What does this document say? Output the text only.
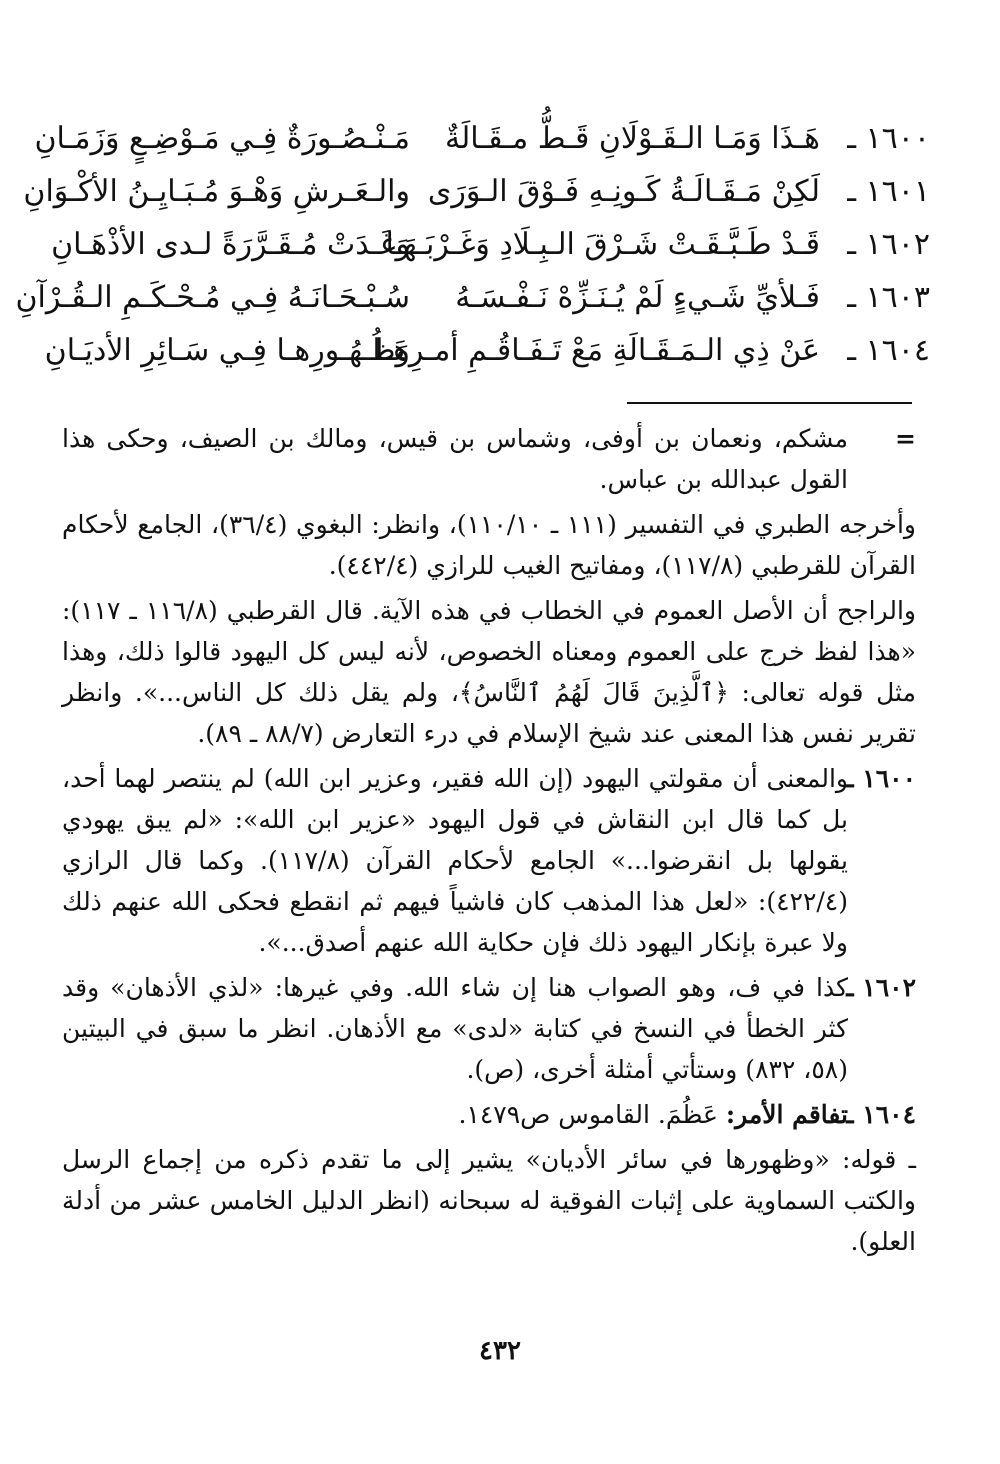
١٦٠٠ ـ
هَـذَا وَمَـا الـقَـوْلَانِ قَـطُّ مـقَـالَةٌ
مَـنْـصُـورَةٌ فِـي مَـوْضِـعٍ وَزَمَـانِ
١٦٠١ ـ
لَكِنْ مَـقَـالَـةُ كَـونِـهِ فَـوْقَ الـوَرَى
والـعَـرشِ وَهْـوَ مُـبَـايِـنُ الأكْـوَانِ
١٦٠٢ ـ
قَـدْ طَـبَّـقَـتْ شَـرْقَ الـبِـلَادِ وَغَـرْبَـهَـا
وَغَـدَتْ مُـقَـرَّرَةً لـدى الأذْهَـانِ
١٦٠٣ ـ
فَـلأيِّ شَـيءٍ لَمْ يُـنَـزِّهْ نَـفْـسَـهُ
سُـبْـحَـانَـهُ فِـي مُـحْـكَـمِ الـقُـرْآنِ
١٦٠٤ ـ
عَنْ ذِي الـمَـقَـالَةِ مَعْ تَـفَـاقُـمِ أمـرِهَـا
وَظُـهُـورِهـا فِـي سَـائِرِ الأديَـانِ
=
مشكم، ونعمان بن أوفى، وشماس بن قيس، ومالك بن الصيف، وحكى هذا القول عبدالله بن عباس.
وأخرجه الطبري في التفسير (١١١ ـ ١١٠/١٠)، وانظر: البغوي (٣٦/٤)، الجامع لأحكام القرآن للقرطبي (١١٧/٨)، ومفاتيح الغيب للرازي (٤٤٢/٤).
والراجح أن الأصل العموم في الخطاب في هذه الآية. قال القرطبي (١١٦/٨ ـ ١١٧): «هذا لفظ خرج على العموم ومعناه الخصوص، لأنه ليس كل اليهود قالوا ذلك، وهذا مثل قوله تعالى: ﴿ٱلَّذِينَ قَالَ لَهُمُ ٱلنَّاسُ﴾، ولم يقل ذلك كل الناس...». وانظر تقرير نفس هذا المعنى عند شيخ الإسلام في درء التعارض (٨٨/٧ ـ ٨٩).
١٦٠٠ ـ
والمعنى أن مقولتي اليهود (إن الله فقير، وعزير ابن الله) لم ينتصر لهما أحد، بل كما قال ابن النقاش في قول اليهود «عزير ابن الله»: «لم يبق يهودي يقولها بل انقرضوا...» الجامع لأحكام القرآن (١١٧/٨). وكما قال الرازي (٤٢٢/٤): «لعل هذا المذهب كان فاشياً فيهم ثم انقطع فحكى الله عنهم ذلك ولا عبرة بإنكار اليهود ذلك فإن حكاية الله عنهم أصدق...».
١٦٠٢ ـ
كذا في ف، وهو الصواب هنا إن شاء الله. وفي غيرها: «لذي الأذهان» وقد كثر الخطأ في النسخ في كتابة «لدى» مع الأذهان. انظر ما سبق في البيتين (٥٨، ٨٣٢) وستأتي أمثلة أخرى، (ص).
١٦٠٤ ـ
تفاقم الأمر: عَظُمَ. القاموس ص١٤٧٩.
ـ قوله: «وظهورها في سائر الأديان» يشير إلى ما تقدم ذكره من إجماع الرسل والكتب السماوية على إثبات الفوقية له سبحانه (انظر الدليل الخامس عشر من أدلة العلو).
٤٣٢
